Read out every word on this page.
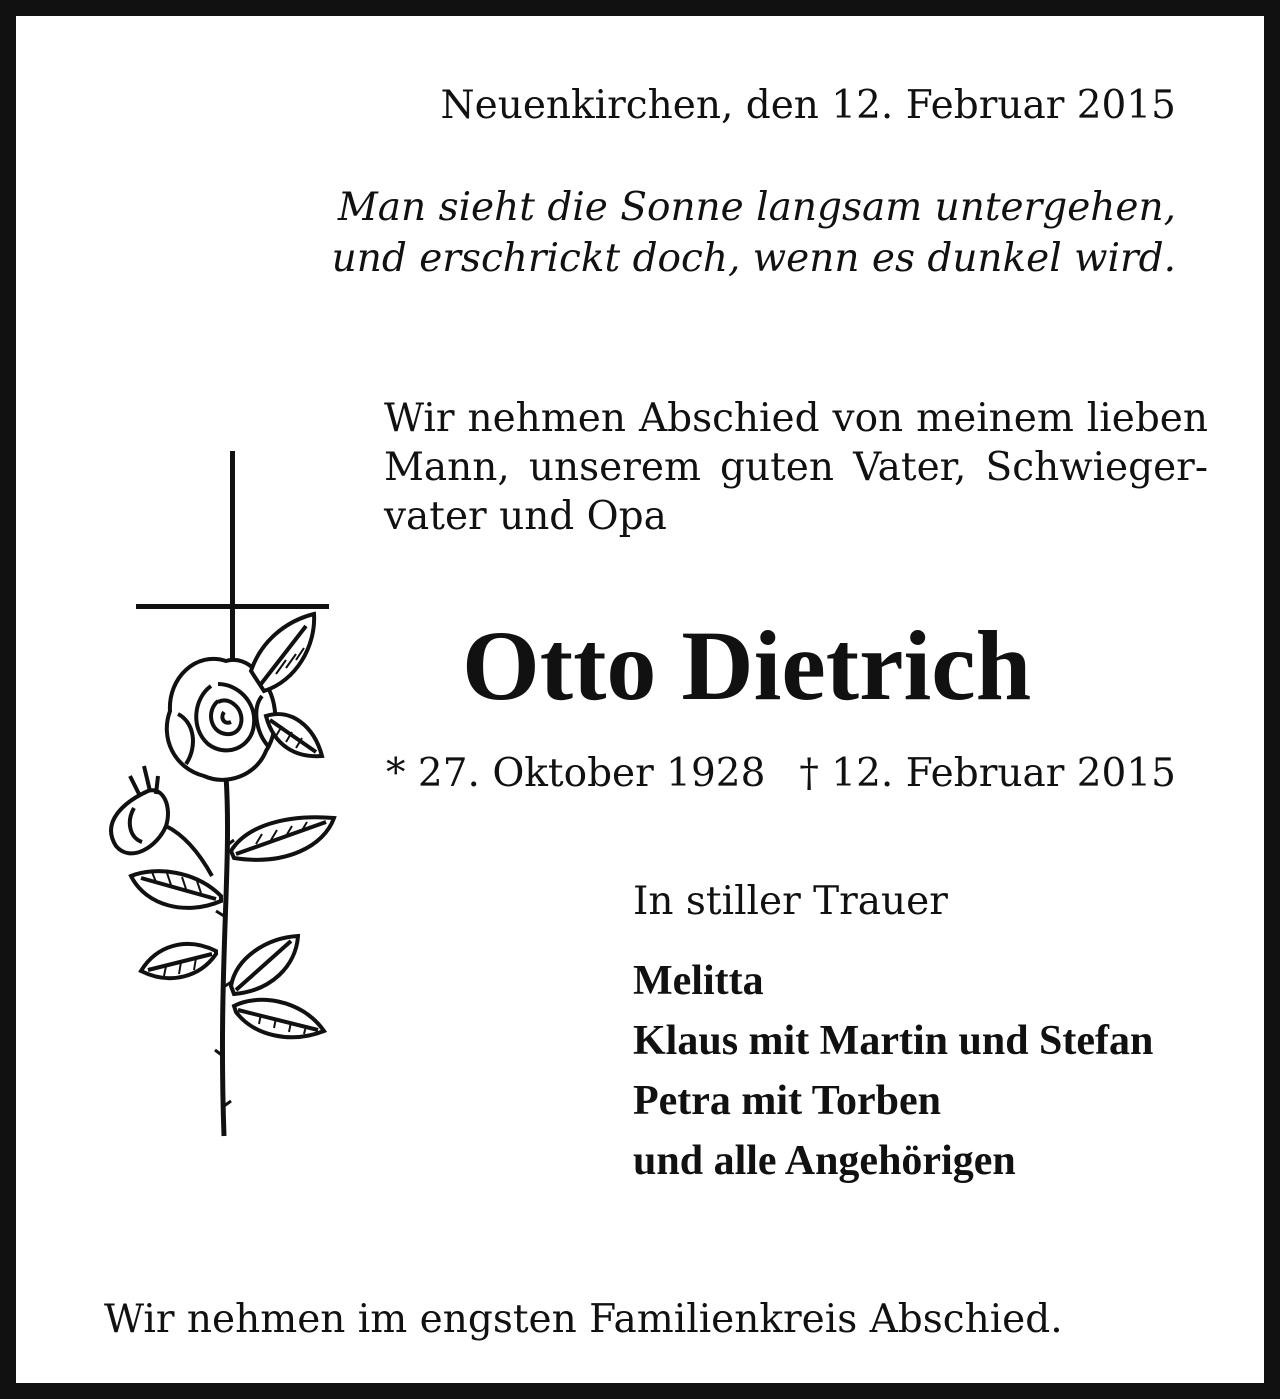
Neuenkirchen, den 12. Februar 2015
Man sieht die Sonne langsam untergehen,
und erschrickt doch, wenn es dunkel wird.
Wir nehmen Abschied von meinem lieben
Mann, unserem guten Vater, Schwieger-
vater und Opa
Otto Dietrich
* 27. Oktober 1928 † 12. Februar 2015
In stiller Trauer
Melitta
Klaus mit Martin und Stefan
Petra mit Torben
und alle Angehörigen
Wir nehmen im engsten Familienkreis Abschied.
